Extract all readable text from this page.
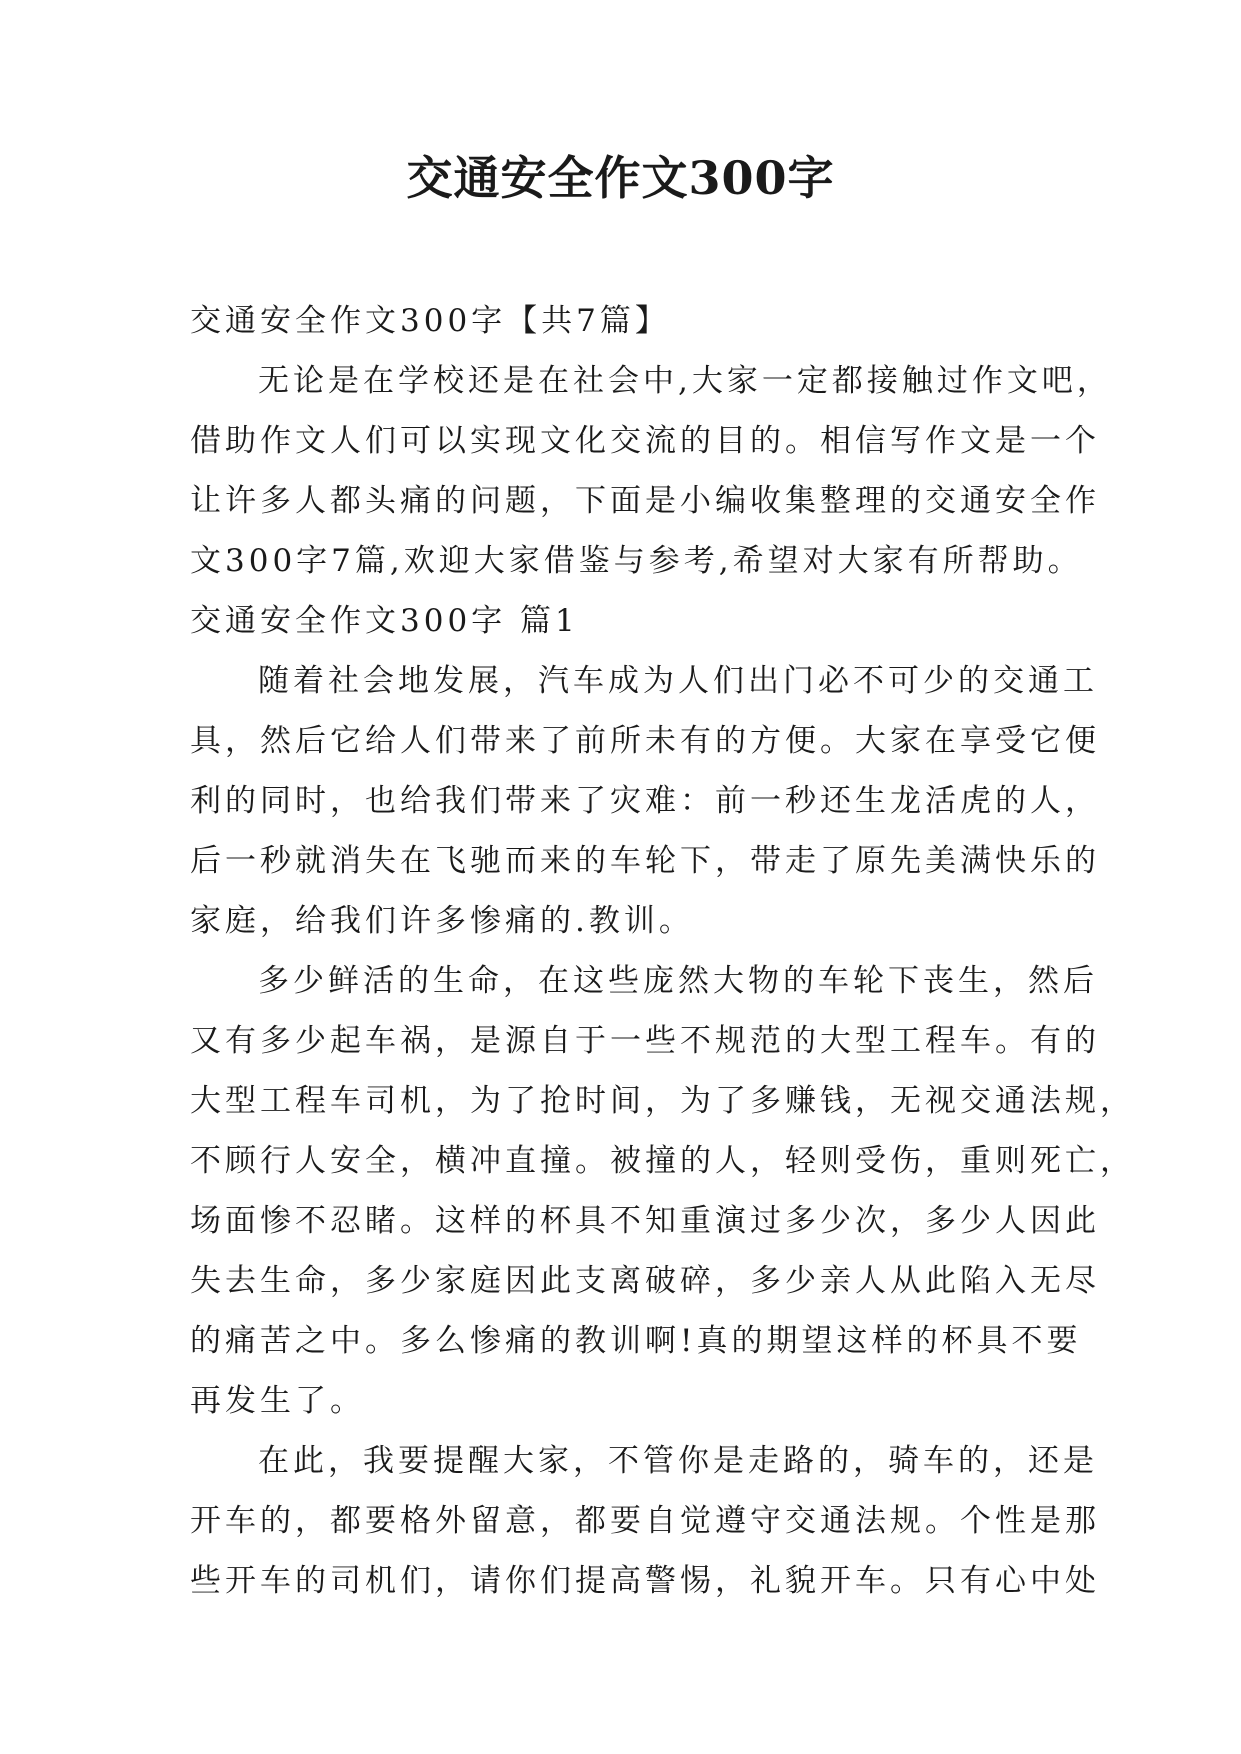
交通安全作文300字
交通安全作文300字【共7篇】
无论是在学校还是在社会中,大家一定都接触过作文吧，
借助作文人们可以实现文化交流的目的。相信写作文是一个
让许多人都头痛的问题，下面是小编收集整理的交通安全作
文300字7篇,欢迎大家借鉴与参考,希望对大家有所帮助。
交通安全作文300字 篇1
随着社会地发展，汽车成为人们出门必不可少的交通工
具，然后它给人们带来了前所未有的方便。大家在享受它便
利的同时，也给我们带来了灾难：前一秒还生龙活虎的人，
后一秒就消失在飞驰而来的车轮下，带走了原先美满快乐的
家庭，给我们许多惨痛的.教训。
多少鲜活的生命，在这些庞然大物的车轮下丧生，然后
又有多少起车祸，是源自于一些不规范的大型工程车。有的
大型工程车司机，为了抢时间，为了多赚钱，无视交通法规，
不顾行人安全，横冲直撞。被撞的人，轻则受伤，重则死亡，
场面惨不忍睹。这样的杯具不知重演过多少次，多少人因此
失去生命，多少家庭因此支离破碎，多少亲人从此陷入无尽
的痛苦之中。多么惨痛的教训啊!真的期望这样的杯具不要
再发生了。
在此，我要提醒大家，不管你是走路的，骑车的，还是
开车的，都要格外留意，都要自觉遵守交通法规。个性是那
些开车的司机们，请你们提高警惕，礼貌开车。只有心中处
